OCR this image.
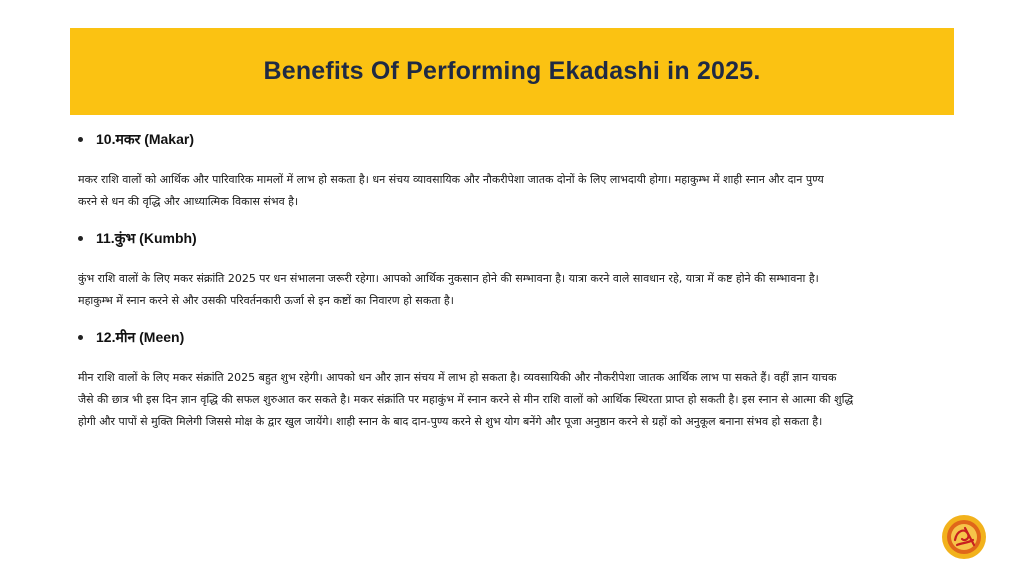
Benefits Of Performing Ekadashi in 2025.
10.मकर (Makar)

मकर राशि वालों को आर्थिक और पारिवारिक मामलों में लाभ हो सकता है। धन संचय व्यावसायिक और नौकरीपेशा जातक दोनों के लिए लाभदायी होगा। महाकुम्भ में शाही स्नान और दान पुण्य
करने से धन की वृद्धि और आध्यात्मिक विकास संभव है।

11.कुंभ (Kumbh)

कुंभ राशि वालों के लिए मकर संक्रांति 2025 पर धन संभालना जरूरी रहेगा। आपको आर्थिक नुकसान होने की सम्भावना है। यात्रा करने वाले सावधान रहे, यात्रा में कष्ट होने की सम्भावना है।
महाकुम्भ में स्नान करने से और उसकी परिवर्तनकारी ऊर्जा से इन कष्टों का निवारण हो सकता है।

12.मीन (Meen)

मीन राशि वालों के लिए मकर संक्रांति 2025 बहुत शुभ रहेगी। आपको धन और ज्ञान संचय में लाभ हो सकता है। व्यवसायिकी और नौकरीपेशा जातक आर्थिक लाभ पा सकते हैं। वहीं ज्ञान याचक
जैसे की छात्र भी इस दिन ज्ञान वृद्धि की सफल शुरुआत कर सकते है। मकर संक्रांति पर महाकुंभ में स्नान करने से मीन राशि वालों को आर्थिक स्थिरता प्राप्त हो सकती है। इस स्नान से आत्मा की शुद्धि
होगी और पापों से मुक्ति मिलेगी जिससे मोक्ष के द्वार खुल जायेंगे। शाही स्नान के बाद दान-पुण्य करने से शुभ योग बनेंगे और पूजा अनुष्ठान करने से ग्रहों को अनुकूल बनाना संभव हो सकता है।
